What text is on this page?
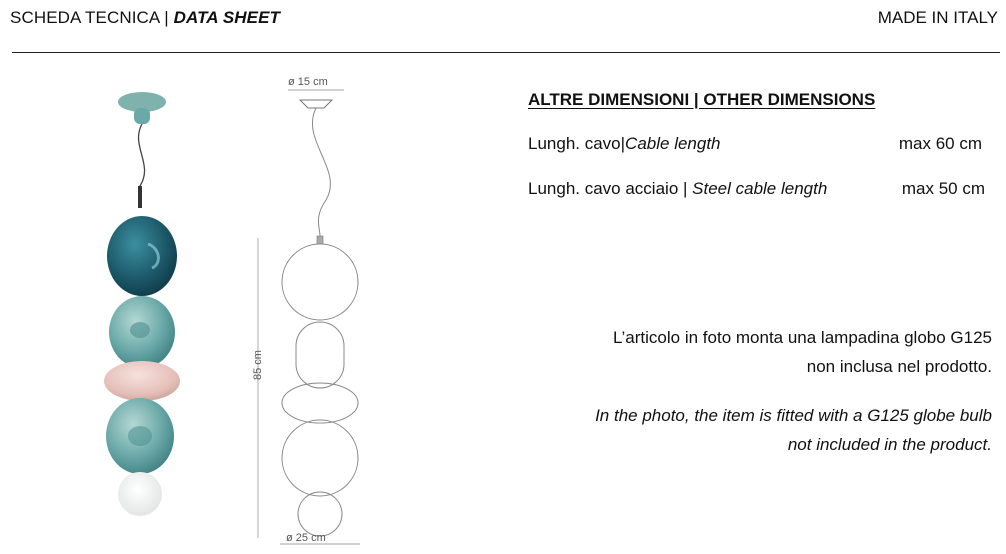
SCHEDA TECNICA | DATA SHEET	MADE IN ITALY
ø 15 cm
85 cm
ø 25 cm
ALTRE DIMENSIONI | OTHER DIMENSIONS
Lungh. cavo|Cable length	max 60 cm
Lungh. cavo acciaio | Steel cable length	max 50 cm
L’articolo in foto monta una lampadina globo G125
non inclusa nel prodotto.
In the photo, the item is fitted with a G125 globe bulb
not included in the product.
